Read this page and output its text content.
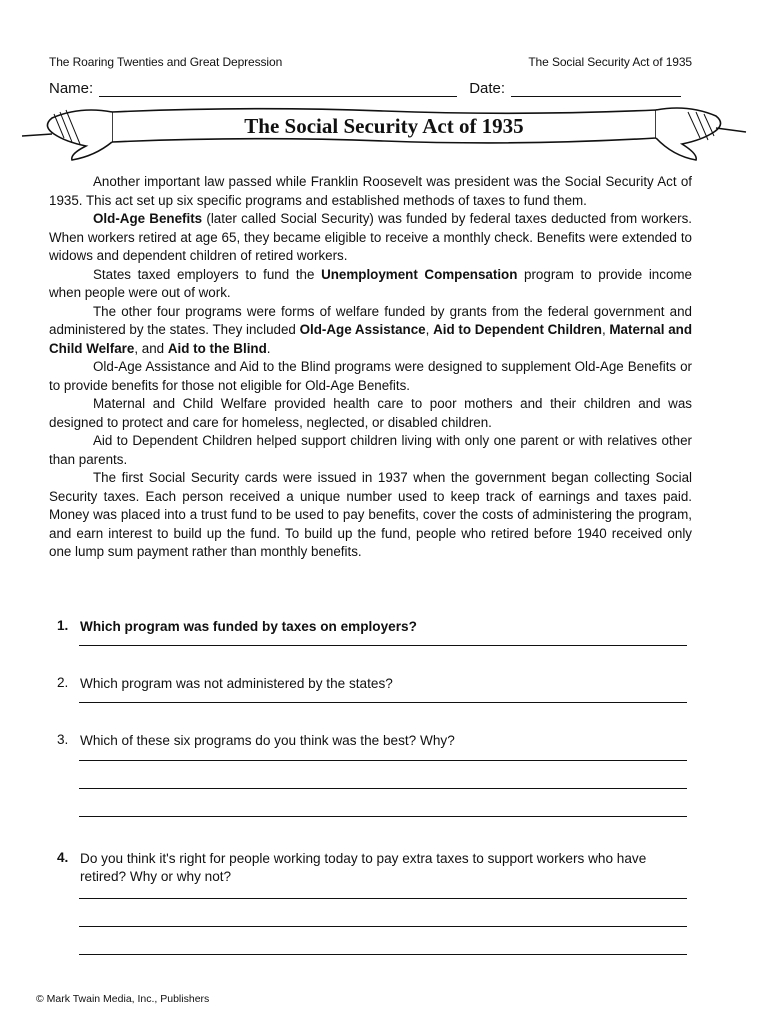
The Roaring Twenties and Great Depression	The Social Security Act of 1935
Name:	Date:
The Social Security Act of 1935

Another important law passed while Franklin Roosevelt was president was the Social Security Act of 1935. This act set up six specific programs and established methods of taxes to fund them.

Old-Age Benefits (later called Social Security) was funded by federal taxes deducted from workers. When workers retired at age 65, they became eligible to receive a monthly check. Benefits were extended to widows and dependent children of retired workers.

States taxed employers to fund the Unemployment Compensation program to provide income when people were out of work.

The other four programs were forms of welfare funded by grants from the federal government and administered by the states. They included Old-Age Assistance, Aid to Dependent Children, Maternal and Child Welfare, and Aid to the Blind.

Old-Age Assistance and Aid to the Blind programs were designed to supplement Old-Age Benefits or to provide benefits for those not eligible for Old-Age Benefits.

Maternal and Child Welfare provided health care to poor mothers and their children and was designed to protect and care for homeless, neglected, or disabled children.

Aid to Dependent Children helped support children living with only one parent or with relatives other than parents.

The first Social Security cards were issued in 1937 when the government began collecting Social Security taxes. Each person received a unique number used to keep track of earnings and taxes paid. Money was placed into a trust fund to be used to pay benefits, cover the costs of administering the program, and earn interest to build up the fund. To build up the fund, people who retired before 1940 received only one lump sum payment rather than monthly benefits.

1. Which program was funded by taxes on employers?
2. Which program was not administered by the states?
3. Which of these six programs do you think was the best? Why?
4. Do you think it's right for people working today to pay extra taxes to support workers who have retired? Why or why not?
© Mark Twain Media, Inc., Publishers
